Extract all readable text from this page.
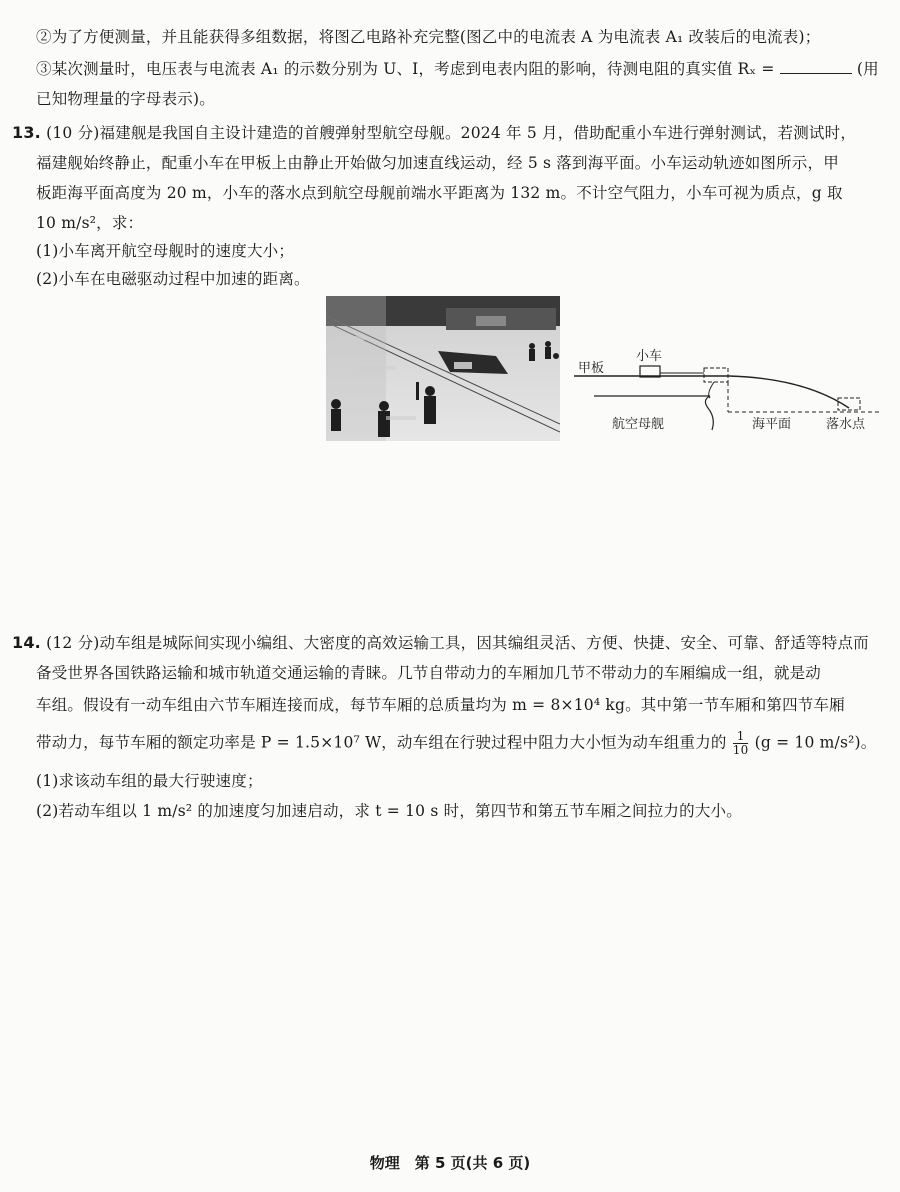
②为了方便测量，并且能获得多组数据，将图乙电路补充完整(图乙中的电流表 A 为电流表 A₁ 改装后的电流表)；
③某次测量时，电压表与电流表 A₁ 的示数分别为 U、I，考虑到电表内阻的影响，待测电阻的真实值 Rₓ =	(用
已知物理量的字母表示)。
13. (10 分)福建舰是我国自主设计建造的首艘弹射型航空母舰。2024 年 5 月，借助配重小车进行弹射测试，若测试时，
福建舰始终静止，配重小车在甲板上由静止开始做匀加速直线运动，经 5 s 落到海平面。小车运动轨迹如图所示，甲
板距海平面高度为 20 m，小车的落水点到航空母舰前端水平距离为 132 m。不计空气阻力，小车可视为质点，g 取
10 m/s²，求：
(1)小车离开航空母舰时的速度大小；
(2)小车在电磁驱动过程中加速的距离。
甲板
小车
航空母舰	海平面	落水点
14. (12 分)动车组是城际间实现小编组、大密度的高效运输工具，因其编组灵活、方便、快捷、安全、可靠、舒适等特点而
备受世界各国铁路运输和城市轨道交通运输的青睐。几节自带动力的车厢加几节不带动力的车厢编成一组，就是动
车组。假设有一动车组由六节车厢连接而成，每节车厢的总质量均为 m = 8×10⁴ kg。其中第一节车厢和第四节车厢
带动力，每节车厢的额定功率是 P = 1.5×10⁷ W，动车组在行驶过程中阻力大小恒为动车组重力的 $\frac{1}{10} (g = 10$ m/s²)。
(1)求该动车组的最大行驶速度；
(2)若动车组以 1 m/s² 的加速度匀加速启动，求 t = 10 s 时，第四节和第五节车厢之间拉力的大小。
物理　第 5 页(共 6 页)
